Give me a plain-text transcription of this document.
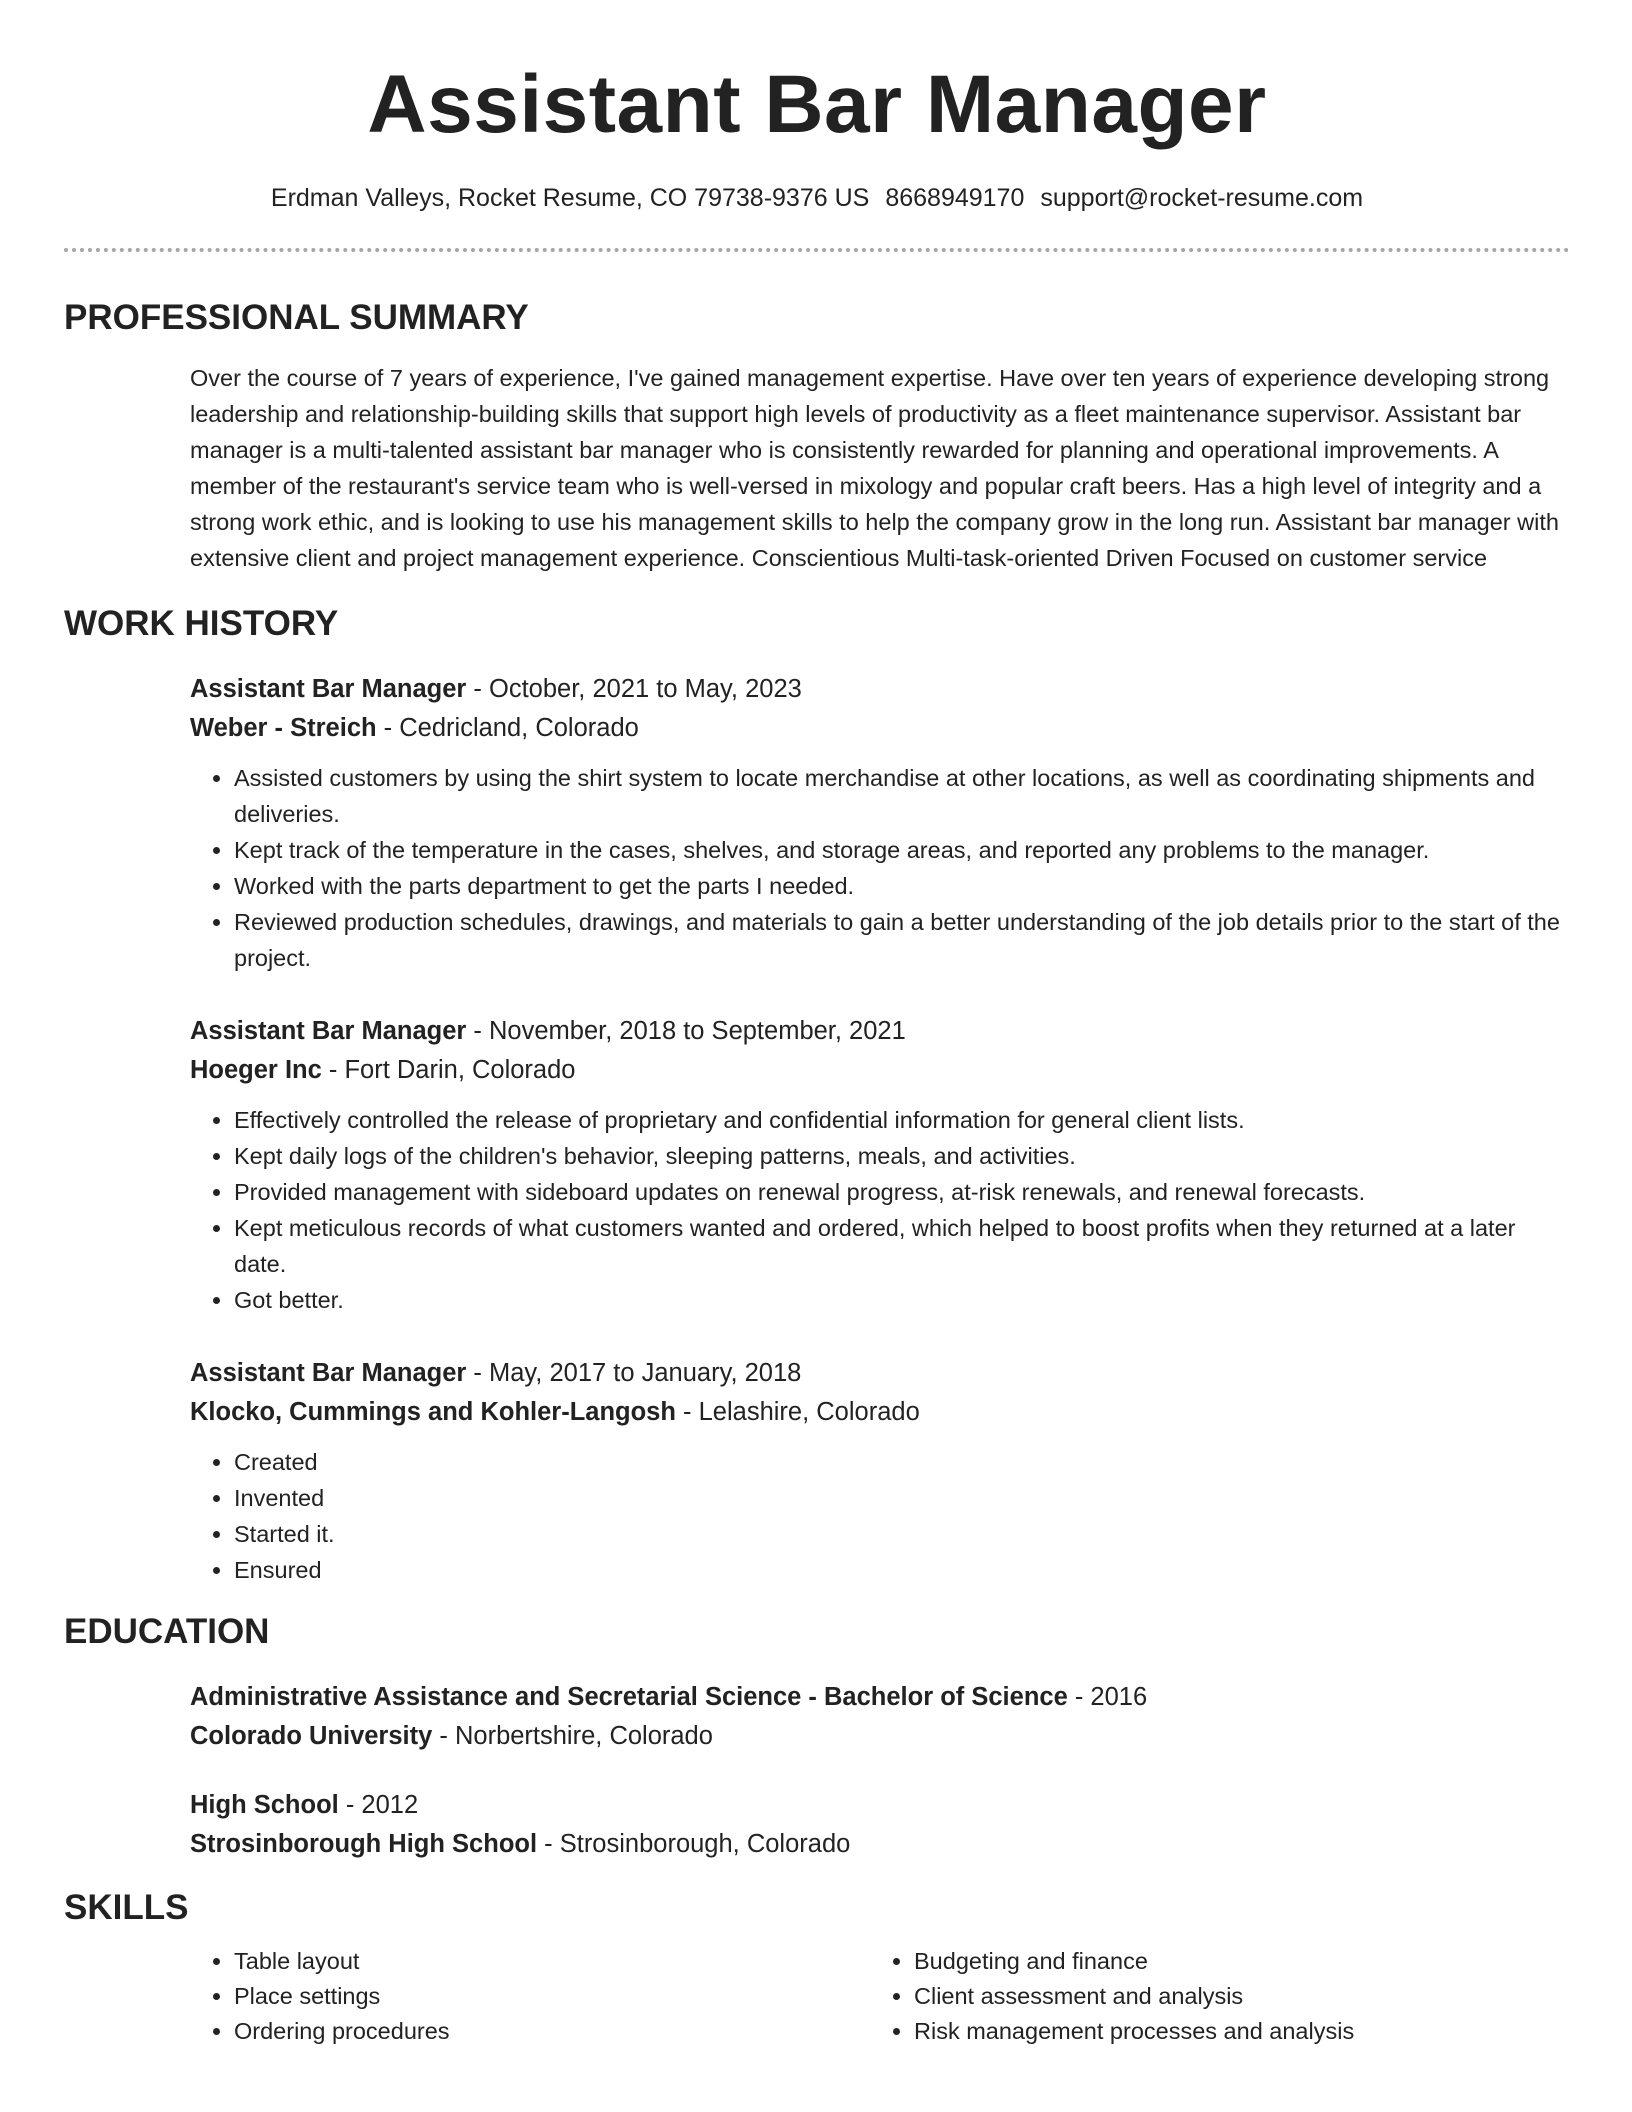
Assistant Bar Manager
Erdman Valleys, Rocket Resume, CO 79738-9376 US 8668949170 support@rocket-resume.com
PROFESSIONAL SUMMARY
Over the course of 7 years of experience, I've gained management expertise. Have over ten years of experience developing strong leadership and relationship-building skills that support high levels of productivity as a fleet maintenance supervisor. Assistant bar manager is a multi-talented assistant bar manager who is consistently rewarded for planning and operational improvements. A member of the restaurant's service team who is well-versed in mixology and popular craft beers. Has a high level of integrity and a strong work ethic, and is looking to use his management skills to help the company grow in the long run. Assistant bar manager with extensive client and project management experience. Conscientious Multi-task-oriented Driven Focused on customer service
WORK HISTORY
Assistant Bar Manager - October, 2021 to May, 2023
Weber - Streich - Cedricland, Colorado
• Assisted customers by using the shirt system to locate merchandise at other locations, as well as coordinating shipments and deliveries.
• Kept track of the temperature in the cases, shelves, and storage areas, and reported any problems to the manager.
• Worked with the parts department to get the parts I needed.
• Reviewed production schedules, drawings, and materials to gain a better understanding of the job details prior to the start of the project.
Assistant Bar Manager - November, 2018 to September, 2021
Hoeger Inc - Fort Darin, Colorado
• Effectively controlled the release of proprietary and confidential information for general client lists.
• Kept daily logs of the children's behavior, sleeping patterns, meals, and activities.
• Provided management with sideboard updates on renewal progress, at-risk renewals, and renewal forecasts.
• Kept meticulous records of what customers wanted and ordered, which helped to boost profits when they returned at a later date.
• Got better.
Assistant Bar Manager - May, 2017 to January, 2018
Klocko, Cummings and Kohler-Langosh - Lelashire, Colorado
• Created
• Invented
• Started it.
• Ensured
EDUCATION
Administrative Assistance and Secretarial Science - Bachelor of Science - 2016
Colorado University - Norbertshire, Colorado
High School - 2012
Strosinborough High School - Strosinborough, Colorado
SKILLS
• Table layout
• Place settings
• Ordering procedures
• Budgeting and finance
• Client assessment and analysis
• Risk management processes and analysis
